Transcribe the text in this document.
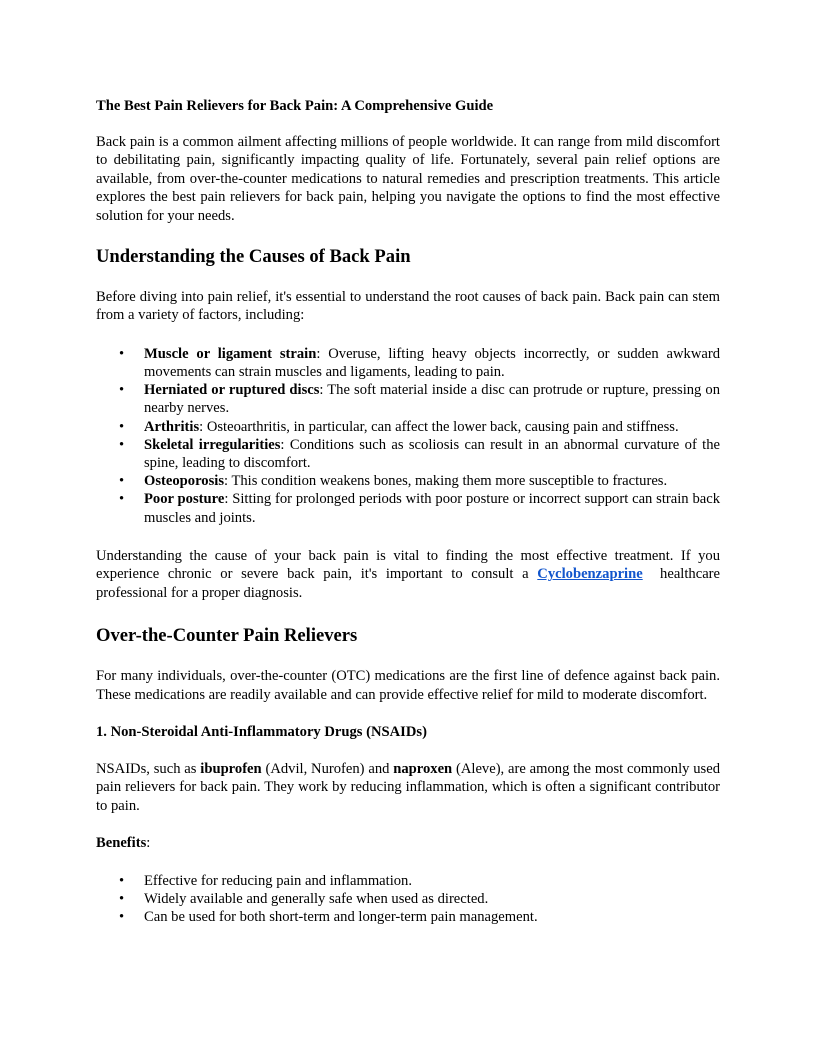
The Best Pain Relievers for Back Pain: A Comprehensive Guide

Back pain is a common ailment affecting millions of people worldwide. It can range from mild discomfort to debilitating pain, significantly impacting quality of life. Fortunately, several pain relief options are available, from over-the-counter medications to natural remedies and prescription treatments. This article explores the best pain relievers for back pain, helping you navigate the options to find the most effective solution for your needs.

Understanding the Causes of Back Pain

Before diving into pain relief, it's essential to understand the root causes of back pain. Back pain can stem from a variety of factors, including:

• Muscle or ligament strain: Overuse, lifting heavy objects incorrectly, or sudden awkward movements can strain muscles and ligaments, leading to pain.
• Herniated or ruptured discs: The soft material inside a disc can protrude or rupture, pressing on nearby nerves.
• Arthritis: Osteoarthritis, in particular, can affect the lower back, causing pain and stiffness.
• Skeletal irregularities: Conditions such as scoliosis can result in an abnormal curvature of the spine, leading to discomfort.
• Osteoporosis: This condition weakens bones, making them more susceptible to fractures.
• Poor posture: Sitting for prolonged periods with poor posture or incorrect support can strain back muscles and joints.

Understanding the cause of your back pain is vital to finding the most effective treatment. If you experience chronic or severe back pain, it's important to consult a Cyclobenzaprine  healthcare professional for a proper diagnosis.

Over-the-Counter Pain Relievers

For many individuals, over-the-counter (OTC) medications are the first line of defence against back pain. These medications are readily available and can provide effective relief for mild to moderate discomfort.

1. Non-Steroidal Anti-Inflammatory Drugs (NSAIDs)

NSAIDs, such as ibuprofen (Advil, Nurofen) and naproxen (Aleve), are among the most commonly used pain relievers for back pain. They work by reducing inflammation, which is often a significant contributor to pain.

Benefits:

• Effective for reducing pain and inflammation.
• Widely available and generally safe when used as directed.
• Can be used for both short-term and longer-term pain management.
